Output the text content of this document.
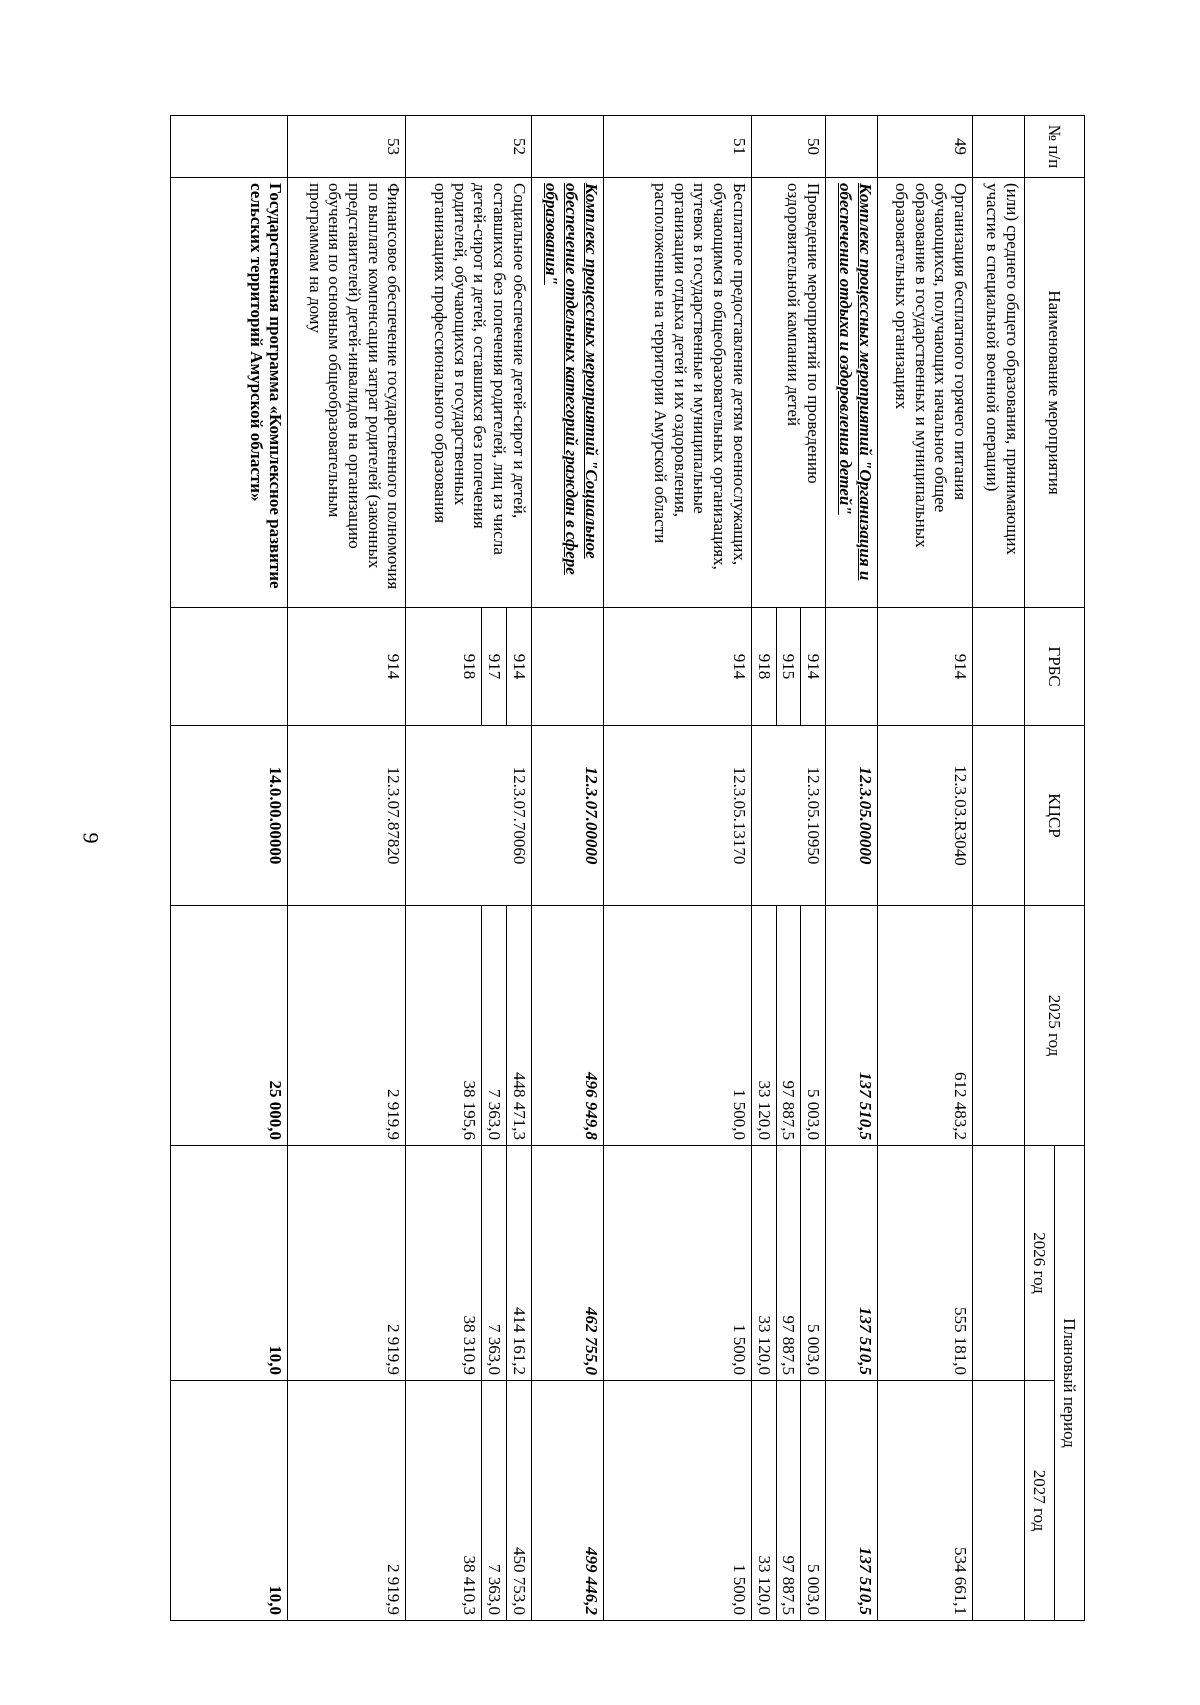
9
№ п/п	Наименование мероприятия	ГРБС	КЦСР	2025 год	Плановый период	
					2026 год	2027 год
	(или) среднего общего образования, принимающих участие в специальной военной операции)					
49	Организация бесплатного горячего питания обучающихся, получающих начальное общее образование в государственных и муниципальных образовательных организациях	914	12.3.03.R3040	612 483,2	555 181,0	534 661,1
	Комплекс процессных мероприятий "Организация и обеспечение отдыха и оздоровления детей"		12.3.05.00000	137 510,5	137 510,5	137 510,5
50	Проведение мероприятий по проведению оздоровительной кампании детей	914	12.3.05.10950	5 003,0	5 003,0	5 003,0
		915		97 887,5	97 887,5	97 887,5
		918		33 120,0	33 120,0	33 120,0
51	Бесплатное предоставление детям военнослужащих, обучающимся в общеобразовательных организациях, путевок в государственные и муниципальные организации отдыха детей и их оздоровления, расположенные на территории Амурской области	914	12.3.05.13170	1 500,0	1 500,0	1 500,0
	Комплекс процессных мероприятий "Социальное обеспечение отдельных категорий граждан в сфере образования"		12.3.07.00000	496 949,8	462 755,0	499 446,2
52	Социальное обеспечение детей-сирот и детей, оставшихся без попечения родителей, лиц из числа детей-сирот и детей, оставшихся без попечения родителей, обучающихся в государственных организациях профессионального образования	914	12.3.07.70060	448 471,3	414 161,2	450 753,0
		917		7 363,0	7 363,0	7 363,0
		918		38 195,6	38 310,9	38 410,3
53	Финансовое обеспечение государственного полномочия по выплате компенсации затрат родителей (законных представителей) детей-инвалидов на организацию обучения по основным общеобразовательным программам на дому	914	12.3.07.87820	2 919,9	2 919,9	2 919,9
	Государственная программа «Комплексное развитие сельских территорий Амурской области»		14.0.00.00000	25 000,0	10,0	10,0
